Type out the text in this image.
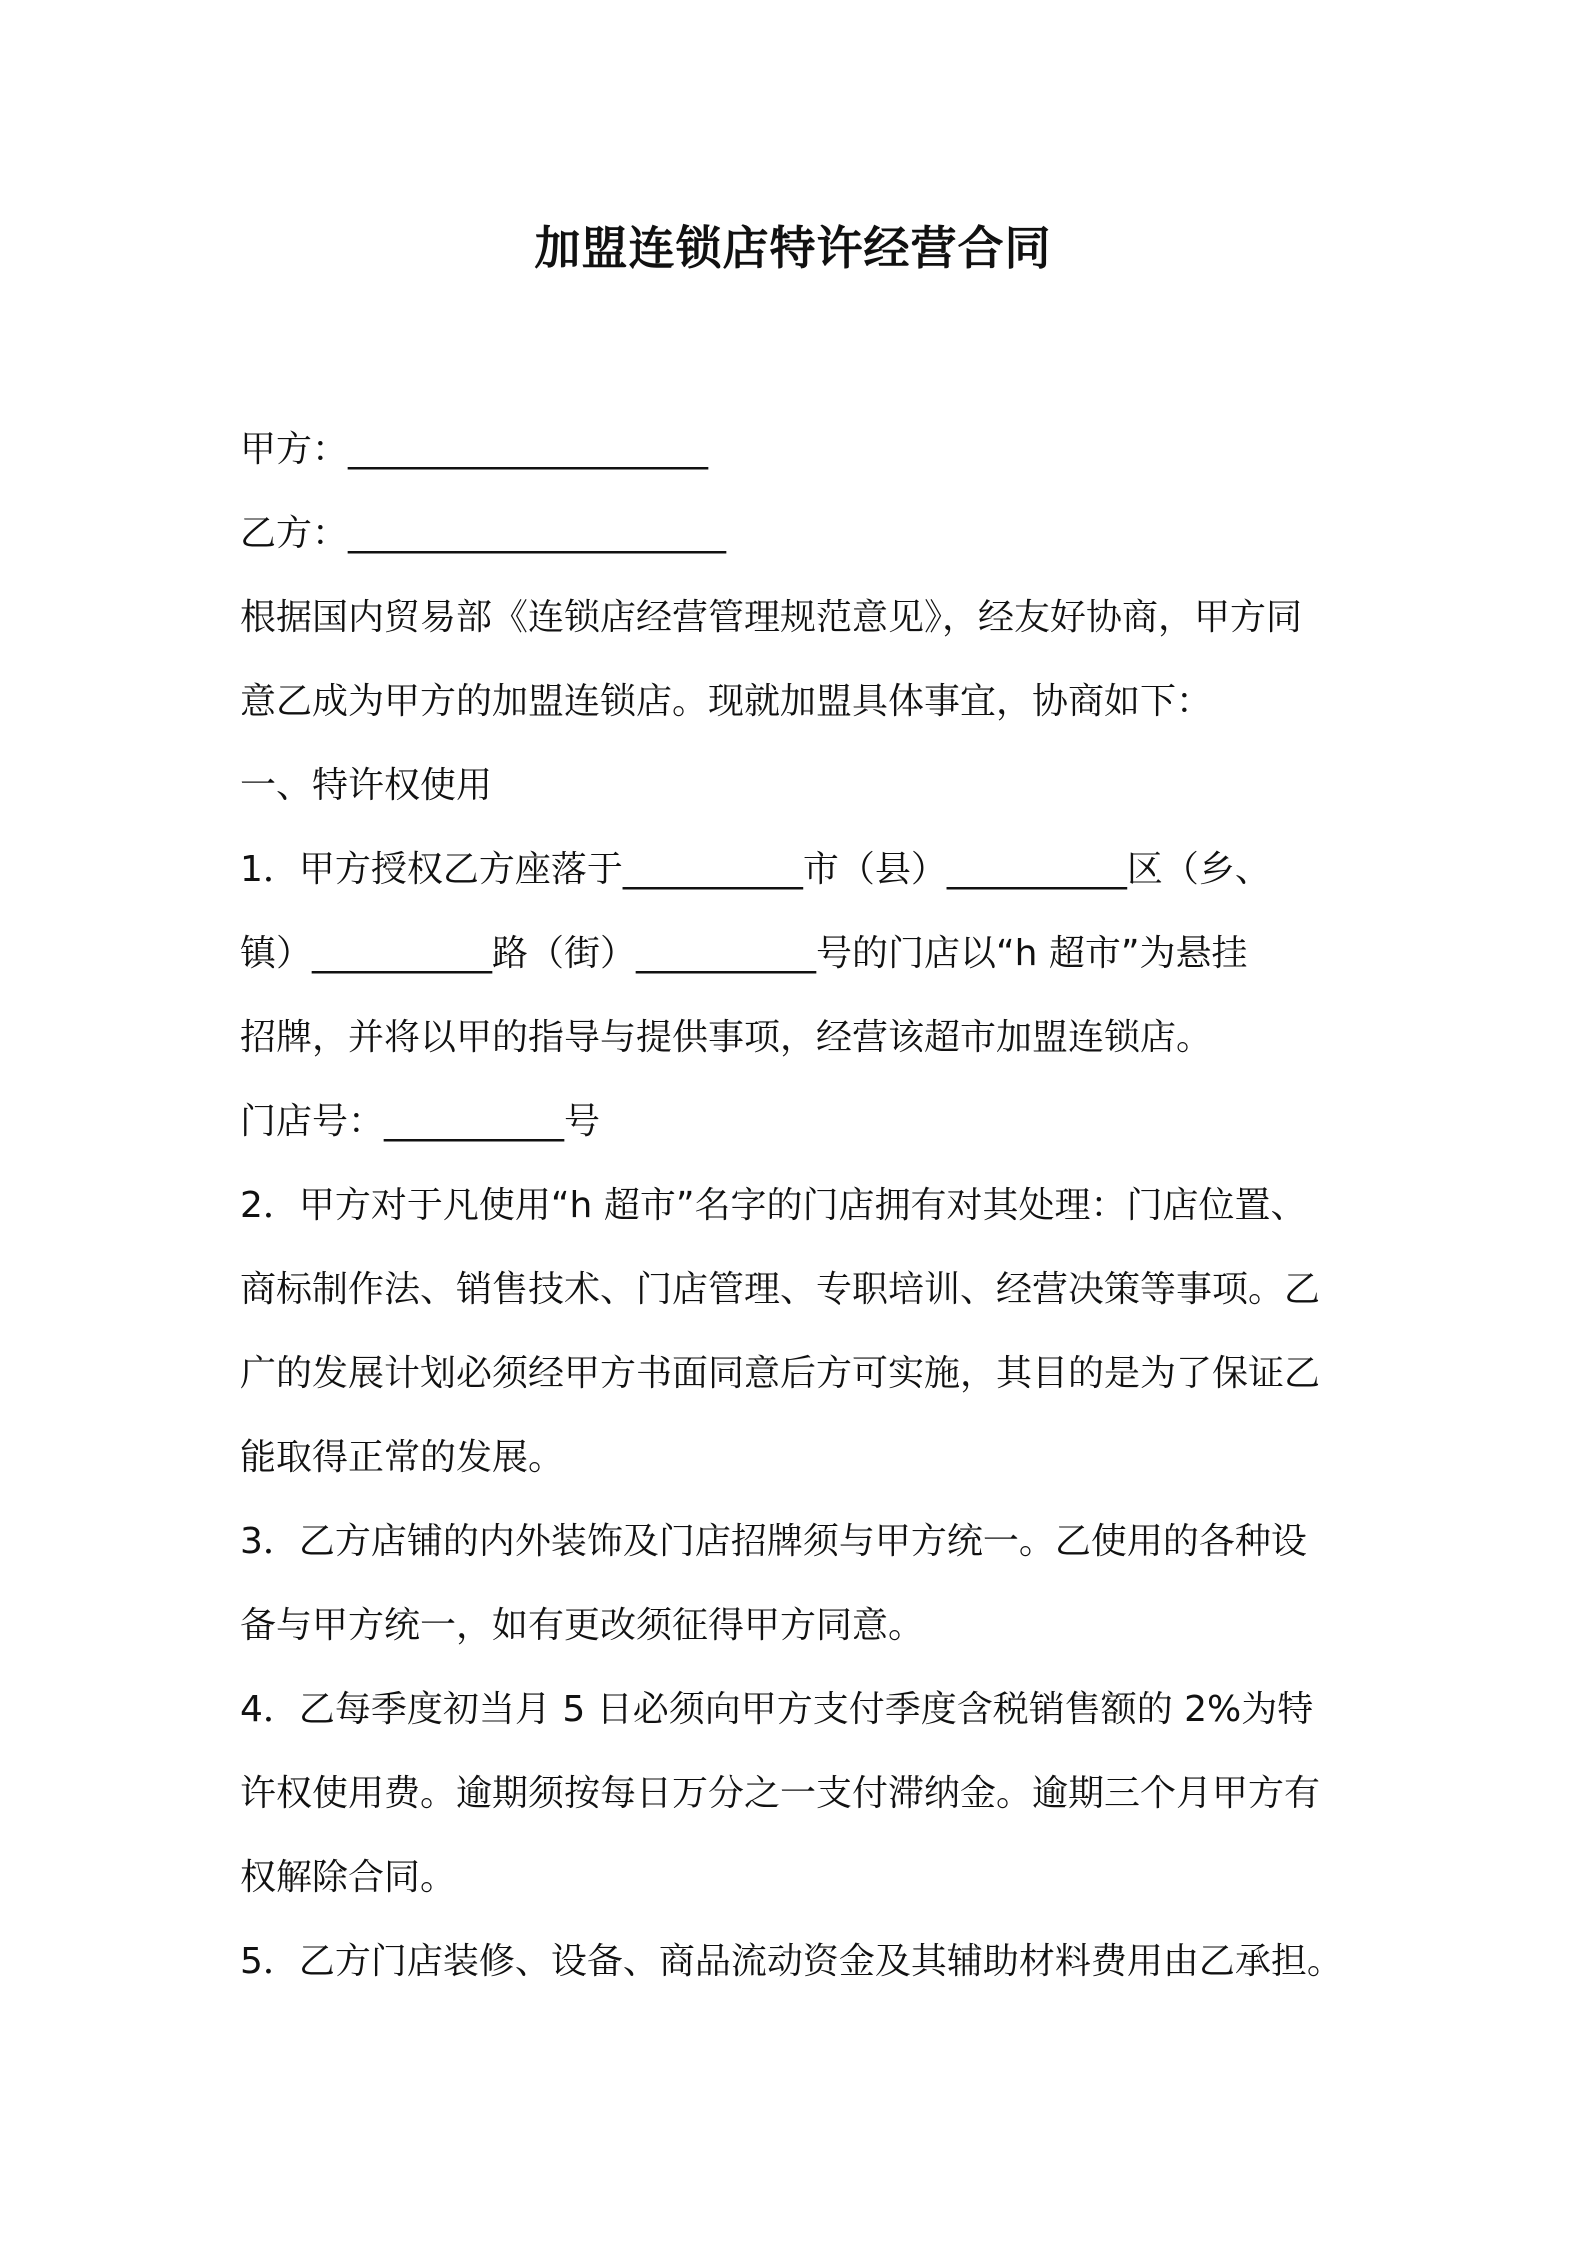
加盟连锁店特许经营合同
甲方：____________________
乙方：_____________________
根据国内贸易部《连锁店经营管理规范意见》，经友好协商，甲方同
意乙成为甲方的加盟连锁店。现就加盟具体事宜，协商如下：
一、特许权使用
1．甲方授权乙方座落于__________市（县）__________区（乡、
镇）__________路（街）__________号的门店以“h 超市”为悬挂
招牌，并将以甲的指导与提供事项，经营该超市加盟连锁店。
门店号：__________号
2．甲方对于凡使用“h 超市”名字的门店拥有对其处理：门店位置、
商标制作法、销售技术、门店管理、专职培训、经营决策等事项。乙
广的发展计划必须经甲方书面同意后方可实施，其目的是为了保证乙
能取得正常的发展。
3．乙方店铺的内外装饰及门店招牌须与甲方统一。乙使用的各种设
备与甲方统一，如有更改须征得甲方同意。
4．乙每季度初当月 5 日必须向甲方支付季度含税销售额的 2%为特
许权使用费。逾期须按每日万分之一支付滞纳金。逾期三个月甲方有
权解除合同。
5．乙方门店装修、设备、商品流动资金及其辅助材料费用由乙承担。
